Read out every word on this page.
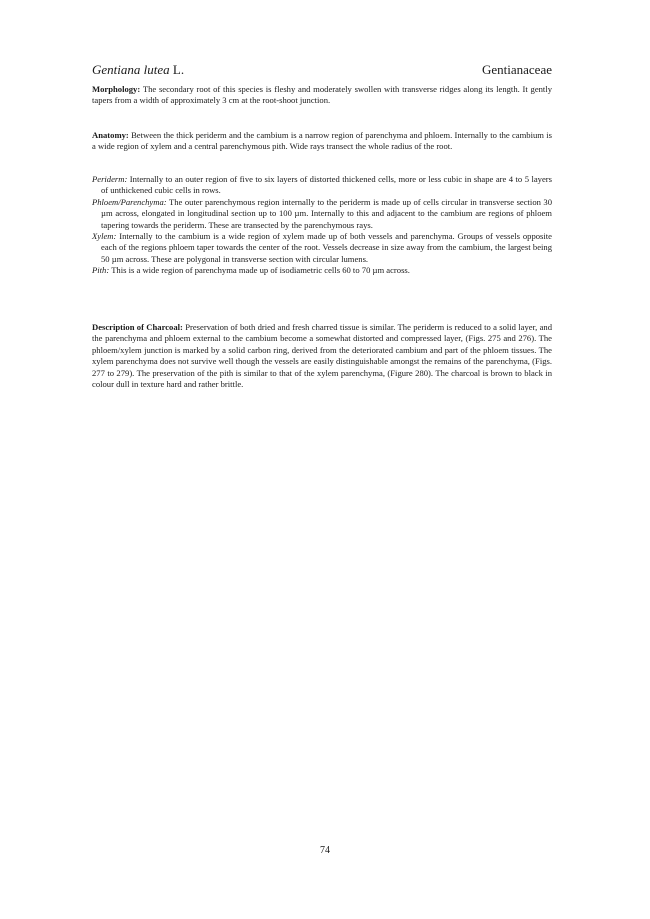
Gentiana lutea L.	Gentianaceae
Morphology: The secondary root of this species is fleshy and moderately swollen with transverse ridges along its length. It gently tapers from a width of approximately 3 cm at the root-shoot junction.
Anatomy: Between the thick periderm and the cambium is a narrow region of parenchyma and phloem. Internally to the cambium is a wide region of xylem and a central parenchymous pith. Wide rays transect the whole radius of the root.

Periderm: Internally to an outer region of five to six layers of distorted thickened cells, more or less cubic in shape are 4 to 5 layers of unthickened cubic cells in rows.

Phloem/Parenchyma: The outer parenchymous region internally to the periderm is made up of cells circular in transverse section 30 µm across, elongated in longitudinal section up to 100 µm. Internally to this and adjacent to the cambium are regions of phloem tapering towards the periderm. These are transected by the parenchymous rays.

Xylem: Internally to the cambium is a wide region of xylem made up of both vessels and parenchyma. Groups of vessels opposite each of the regions phloem taper towards the center of the root. Vessels decrease in size away from the cambium, the largest being 50 µm across. These are polygonal in transverse section with circular lumens.

Pith: This is a wide region of parenchyma made up of isodiametric cells 60 to 70 µm across.

Description of Charcoal: Preservation of both dried and fresh charred tissue is similar. The periderm is reduced to a solid layer, and the parenchyma and phloem external to the cambium become a somewhat distorted and compressed layer, (Figs. 275 and 276). The phloem/xylem junction is marked by a solid carbon ring, derived from the deteriorated cambium and part of the phloem tissues. The xylem parenchyma does not survive well though the vessels are easily distinguishable amongst the remains of the parenchyma, (Figs. 277 to 279). The preservation of the pith is similar to that of the xylem parenchyma, (Figure 280). The charcoal is brown to black in colour dull in texture hard and rather brittle.
74
